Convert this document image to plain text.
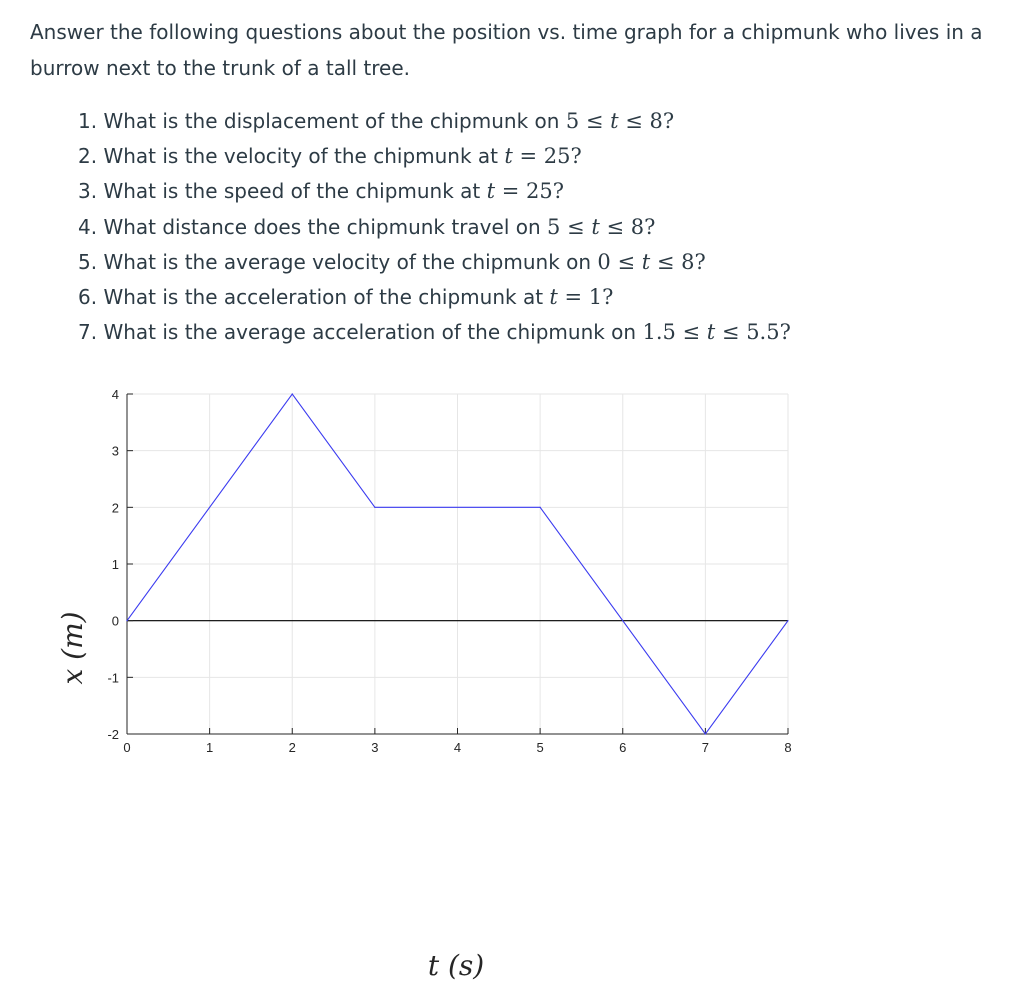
Answer the following questions about the position vs. time graph for a chipmunk who lives in a burrow next to the trunk of a tall tree.

1. What is the displacement of the chipmunk on 5 ≤ t ≤ 8?
2. What is the velocity of the chipmunk at t = 25?
3. What is the speed of the chipmunk at t = 25?
4. What distance does the chipmunk travel on 5 ≤ t ≤ 8?
5. What is the average velocity of the chipmunk on 0 ≤ t ≤ 8?
6. What is the acceleration of the chipmunk at t = 1?
7. What is the average acceleration of the chipmunk on 1.5 ≤ t ≤ 5.5?
0	1	2	3	4	5	6	7	8
-2
-1
0
1
2
3
4
t (s)
x (m)
